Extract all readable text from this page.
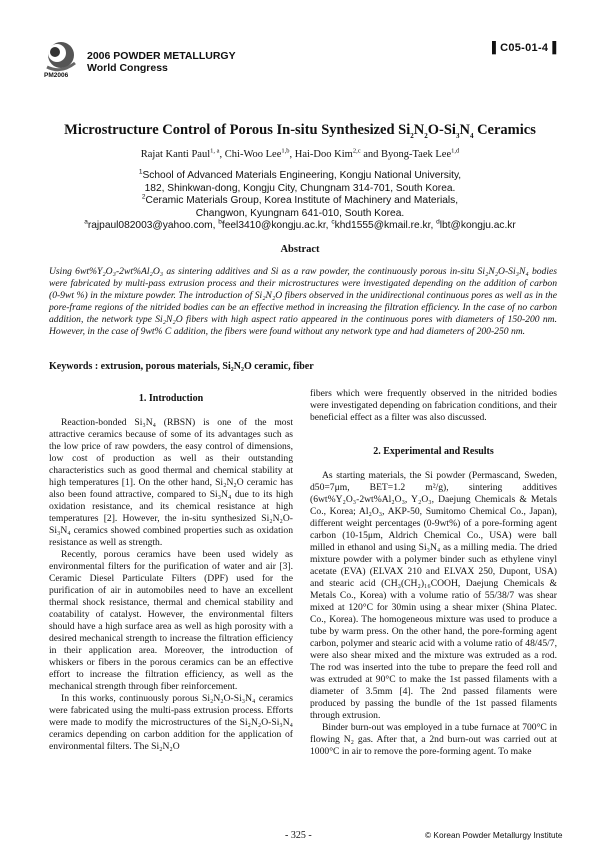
2006 POWDER METALLURGY
World Congress
PM2006
▌C05-01-4▐
Microstructure Control of Porous In-situ Synthesized $Si_2N_2O-Si_3N_4$ Ceramics
Rajat Kanti Paul$^{1, a}$, Chi-Woo Lee$^{1,b}$, Hai-Doo Kim$^{2,c}$ and Byong-Taek Lee$^{1,d}$
$^1$School of Advanced Materials Engineering, Kongju National University,
182, Shinkwan-dong, Kongju City, Chungnam 314-701, South Korea.
$^2$Ceramic Materials Group, Korea Institute of Machinery and Materials,
Changwon, Kyungnam 641-010, South Korea.
$^a$rajpaul082003@yahoo.com, $^b$feel3410@kongju.ac.kr, $^c$khd1555@kmail.re.kr, $^d$lbt@kongju.ac.kr
Abstract
Using 6wt%Y₂O₃-2wt%Al₂O₃ as sintering additives and Si as a raw powder, the continuously porous in-situ Si₂N₂O-Si₃N₄ bodies were fabricated by multi-pass extrusion process and their microstructures were investigated depending on the addition of carbon (0-9wt %) in the mixture powder. The introduction of Si₂N₂O fibers observed in the unidirectional continuous pores as well as in the pore-frame regions of the nitrided bodies can be an effective method in increasing the filtration efficiency. In the case of no carbon addition, the network type Si₂N₂O fibers with high aspect ratio appeared in the continuous pores with diameters of 150-200 nm. However, in the case of 9wt% C addition, the fibers were found without any network type and had diameters of 200-250 nm.
Keywords : extrusion, porous materials, Si₂N₂O ceramic, fiber
1. Introduction

Reaction-bonded Si₃N₄ (RBSN) is one of the most attractive ceramics because of some of its advantages such as the low price of raw powders, the easy control of dimensions, low cost of production as well as their outstanding characteristics such as good thermal and chemical stability at high temperatures [1]. On the other hand, Si₂N₂O ceramic has also been found attractive, compared to Si₃N₄ due to its high oxidation resistance, and its chemical resistance at high temperatures [2]. However, the in-situ synthesized Si₂N₂O-Si₃N₄ ceramics showed combined properties such as oxidation resistance as well as strength.

Recently, porous ceramics have been used widely as environmental filters for the purification of water and air [3]. Ceramic Diesel Particulate Filters (DPF) used for the purification of air in automobiles need to have an excellent thermal shock resistance, thermal and chemical stability and coatability of catalyst. However, the environmental filters should have a high surface area as well as high porosity with a desired mechanical strength to increase the filtration efficiency in their application area. Moreover, the introduction of whiskers or fibers in the porous ceramics can be an effective effort to increase the filtration efficiency, as well as the mechanical strength through fiber reinforcement.

In this works, continuously porous Si₂N₂O-Si₃N₄ ceramics were fabricated using the multi-pass extrusion process. Efforts were made to modify the microstructures of the Si₂N₂O-Si₃N₄ ceramics depending on carbon addition for the application of environmental filters. The Si₂N₂O

fibers which were frequently observed in the nitrided bodies were investigated depending on fabrication conditions, and their beneficial effect as a filter was also discussed.

2. Experimental and Results

As starting materials, the Si powder (Permascand, Sweden, d50=7μm, BET=1.2 m²/g), sintering additives (6wt%Y₂O₃-2wt%Al₂O₃, Y₂O₃, Daejung Chemicals & Metals Co., Korea; Al₂O₃, AKP-50, Sumitomo Chemical Co., Japan), different weight percentages (0-9wt%) of a pore-forming agent carbon (10-15μm, Aldrich Chemical Co., USA) were ball milled in ethanol and using Si₃N₄ as a milling media. The dried mixture powder with a polymer binder such as ethylene vinyl acetate (EVA) (ELVAX 210 and ELVAX 250, Dupont, USA) and stearic acid (CH₃(CH₂)₁₆COOH, Daejung Chemicals & Metals Co., Korea) with a volume ratio of 55/38/7 was shear mixed at 120°C for 30min using a shear mixer (Shina Platec. Co., Korea). The homogeneous mixture was used to produce a tube by warm press. On the other hand, the pore-forming agent carbon, polymer and stearic acid with a volume ratio of 48/45/7, were also shear mixed and the mixture was extruded as a rod. The rod was inserted into the tube to prepare the feed roll and was extruded at 90°C to make the 1st passed filaments with a diameter of 3.5mm [4]. The 2nd passed filaments were produced by passing the bundle of the 1st passed filaments through extrusion.

Binder burn-out was employed in a tube furnace at 700°C in flowing N₂ gas. After that, a 2nd burn-out was carried out at 1000°C in air to remove the pore-forming agent. To make

- 325 -	© Korean Powder Metallurgy Institute
